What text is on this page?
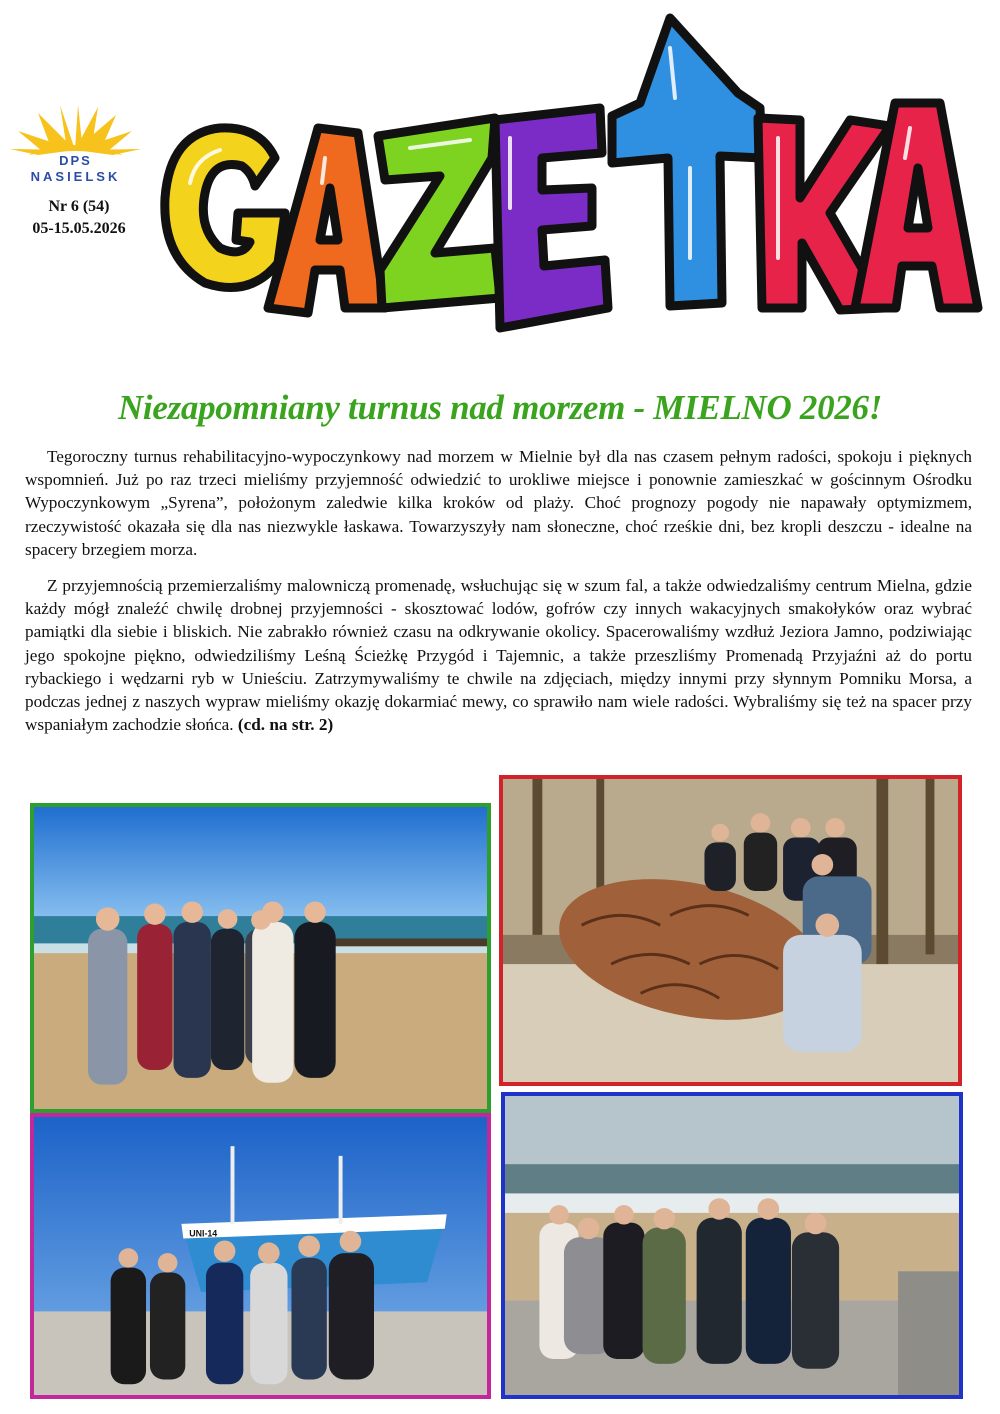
DPS
NASIELSK
Nr 6 (54)
05-15.05.2026
Niezapomniany turnus nad morzem - MIELNO 2026!

Tegoroczny turnus rehabilitacyjno-wypoczynkowy nad morzem w Mielnie był dla nas czasem pełnym radości, spokoju i pięknych wspomnień. Już po raz trzeci mieliśmy przyjemność odwiedzić to urokliwe miejsce i ponownie zamieszkać w gościnnym Ośrodku Wypoczynkowym „Syrena”, położonym zaledwie kilka kroków od plaży. Choć prognozy pogody nie napawały optymizmem, rzeczywistość okazała się dla nas niezwykle łaskawa. Towarzyszyły nam słoneczne, choć rześkie dni, bez kropli deszczu - idealne na spacery brzegiem morza.

Z przyjemnością przemierzaliśmy malowniczą promenadę, wsłuchując się w szum fal, a także odwiedzaliśmy centrum Mielna, gdzie każdy mógł znaleźć chwilę drobnej przyjemności - skosztować lodów, gofrów czy innych wakacyjnych smakołyków oraz wybrać pamiątki dla siebie i bliskich. Nie zabrakło również czasu na odkrywanie okolicy. Spacerowaliśmy wzdłuż Jeziora Jamno, podziwiając jego spokojne piękno, odwiedziliśmy Leśną Ścieżkę Przygód i Tajemnic, a także przeszliśmy Promenadą Przyjaźni aż do portu rybackiego i wędzarni ryb w Unieściu. Zatrzymywaliśmy te chwile na zdjęciach, między innymi przy słynnym Pomniku Morsa, a podczas jednej z naszych wypraw mieliśmy okazję dokarmiać mewy, co sprawiło nam wiele radości. Wybraliśmy się też na spacer przy wspaniałym zachodzie słońca. (cd. na str. 2)

UNI-14
